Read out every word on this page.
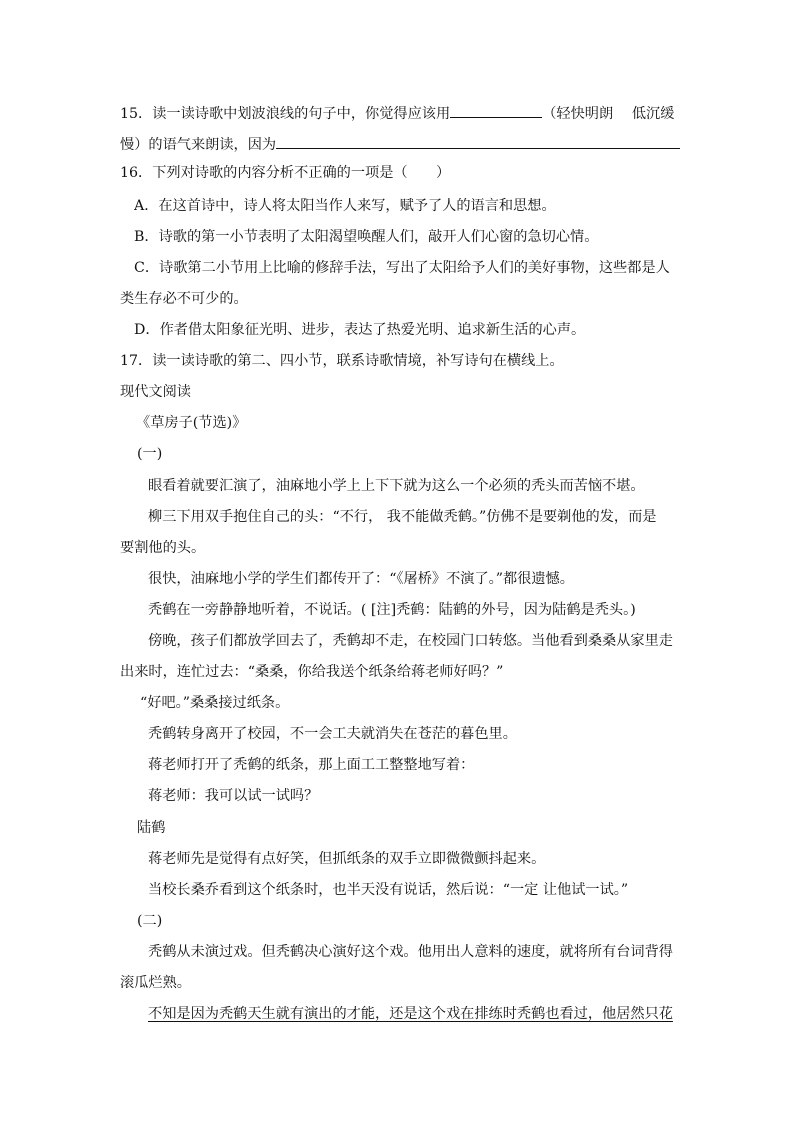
15．读一读诗歌中划波浪线的句子中，你觉得应该用	（轻快明朗　 低沉缓
慢）的语气来朗读，因为
16．下列对诗歌的内容分析不正确的一项是（　　）
A．在这首诗中，诗人将太阳当作人来写，赋予了人的语言和思想。
B．诗歌的第一小节表明了太阳渴望唤醒人们，敲开人们心窗的急切心情。
C．诗歌第二小节用上比喻的修辞手法，写出了太阳给予人们的美好事物，这些都是人
类生存必不可少的。
D．作者借太阳象征光明、进步，表达了热爱光明、追求新生活的心声。
17．读一读诗歌的第二、四小节，联系诗歌情境，补写诗句在横线上。
现代文阅读
《草房子(节选)》
(一)
眼看着就要汇演了，油麻地小学上上下下就为这么一个必须的秃头而苦恼不堪。
柳三下用双手抱住自己的头：“不行， 我不能做秃鹤。”仿佛不是要剃他的发，而是
要割他的头。
很快，油麻地小学的学生们都传开了：“《屠桥》不演了。”都很遗憾。
秃鹤在一旁静静地听着，不说话。( [注]秃鹤：陆鹤的外号，因为陆鹤是秃头。)
傍晚，孩子们都放学回去了，秃鹤却不走，在校园门口转悠。当他看到桑桑从家里走
出来时，连忙过去：“桑桑，你给我送个纸条给蒋老师好吗？”
“好吧。”桑桑接过纸条。
秃鹤转身离开了校园，不一会工夫就消失在苍茫的暮色里。
蒋老师打开了秃鹤的纸条，那上面工工整整地写着：
蒋老师：我可以试一试吗？
陆鹤
蒋老师先是觉得有点好笑，但抓纸条的双手立即微微颤抖起来。
当校长桑乔看到这个纸条时，也半天没有说话，然后说：“一定 让他试一试。”
(二)
秃鹤从未演过戏。但秃鹤决心演好这个戏。他用出人意料的速度，就将所有台词背得
滚瓜烂熟。
不知是因为秃鹤天生就有演出的才能，还是这个戏在排练时秃鹤也看过，他居然只花
